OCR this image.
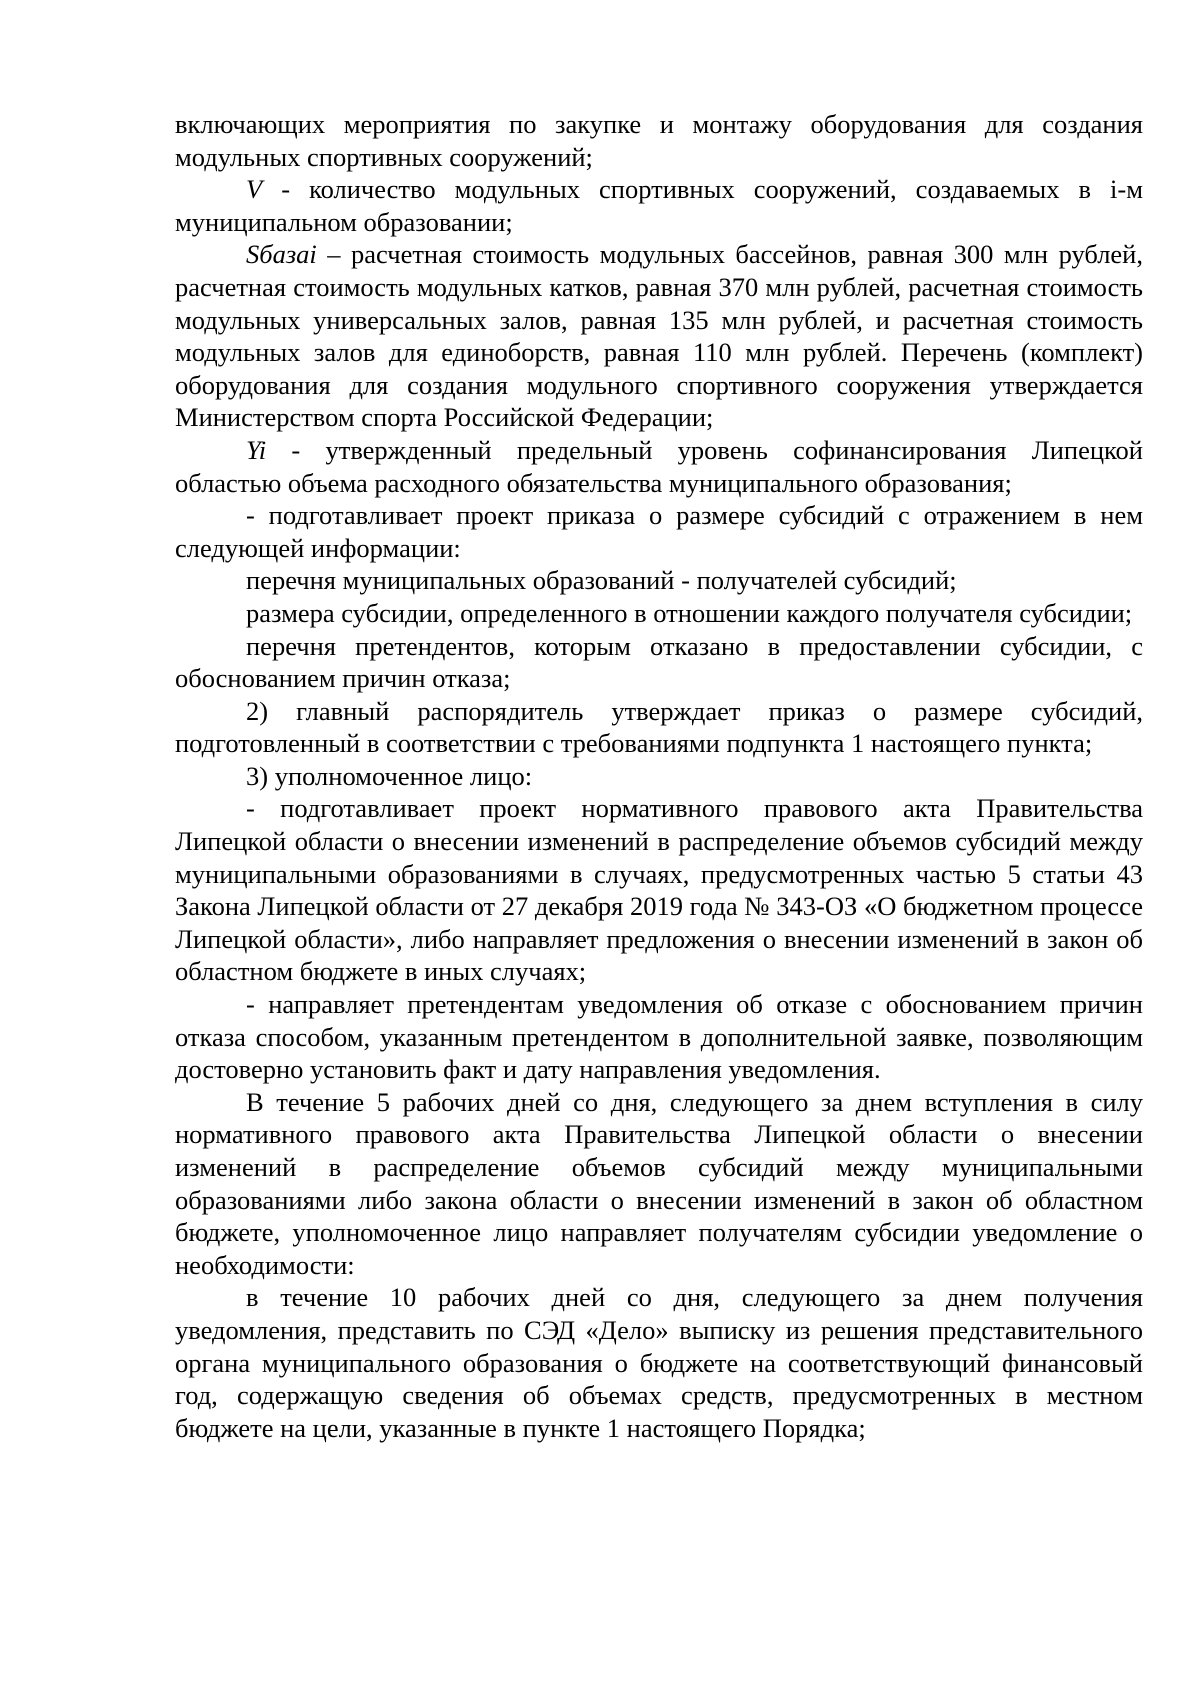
включающих мероприятия по закупке и монтажу оборудования для создания модульных спортивных сооружений;

V - количество модульных спортивных сооружений, создаваемых в i-м муниципальном образовании;

Sбазаi – расчетная стоимость модульных бассейнов, равная 300 млн рублей, расчетная стоимость модульных катков, равная 370 млн рублей, расчетная стоимость модульных универсальных залов, равная 135 млн рублей, и расчетная стоимость модульных залов для единоборств, равная 110 млн рублей. Перечень (комплект) оборудования для создания модульного спортивного сооружения утверждается Министерством спорта Российской Федерации;

Yi - утвержденный предельный уровень софинансирования Липецкой областью объема расходного обязательства муниципального образования;

- подготавливает проект приказа о размере субсидий с отражением в нем следующей информации:

перечня муниципальных образований - получателей субсидий;

размера субсидии, определенного в отношении каждого получателя субсидии;

перечня претендентов, которым отказано в предоставлении субсидии, с обоснованием причин отказа;

2) главный распорядитель утверждает приказ о размере субсидий, подготовленный в соответствии с требованиями подпункта 1 настоящего пункта;

3) уполномоченное лицо:

- подготавливает проект нормативного правового акта Правительства Липецкой области о внесении изменений в распределение объемов субсидий между муниципальными образованиями в случаях, предусмотренных частью 5 статьи 43 Закона Липецкой области от 27 декабря 2019 года № 343-ОЗ «О бюджетном процессе Липецкой области», либо направляет предложения о внесении изменений в закон об областном бюджете в иных случаях;

- направляет претендентам уведомления об отказе с обоснованием причин отказа способом, указанным претендентом в дополнительной заявке, позволяющим достоверно установить факт и дату направления уведомления.

В течение 5 рабочих дней со дня, следующего за днем вступления в силу нормативного правового акта Правительства Липецкой области о внесении изменений в распределение объемов субсидий между муниципальными образованиями либо закона области о внесении изменений в закон об областном бюджете, уполномоченное лицо направляет получателям субсидии уведомление о необходимости:

в течение 10 рабочих дней со дня, следующего за днем получения уведомления, представить по СЭД «Дело» выписку из решения представительного органа муниципального образования о бюджете на соответствующий финансовый год, содержащую сведения об объемах средств, предусмотренных в местном бюджете на цели, указанные в пункте 1 настоящего Порядка;
